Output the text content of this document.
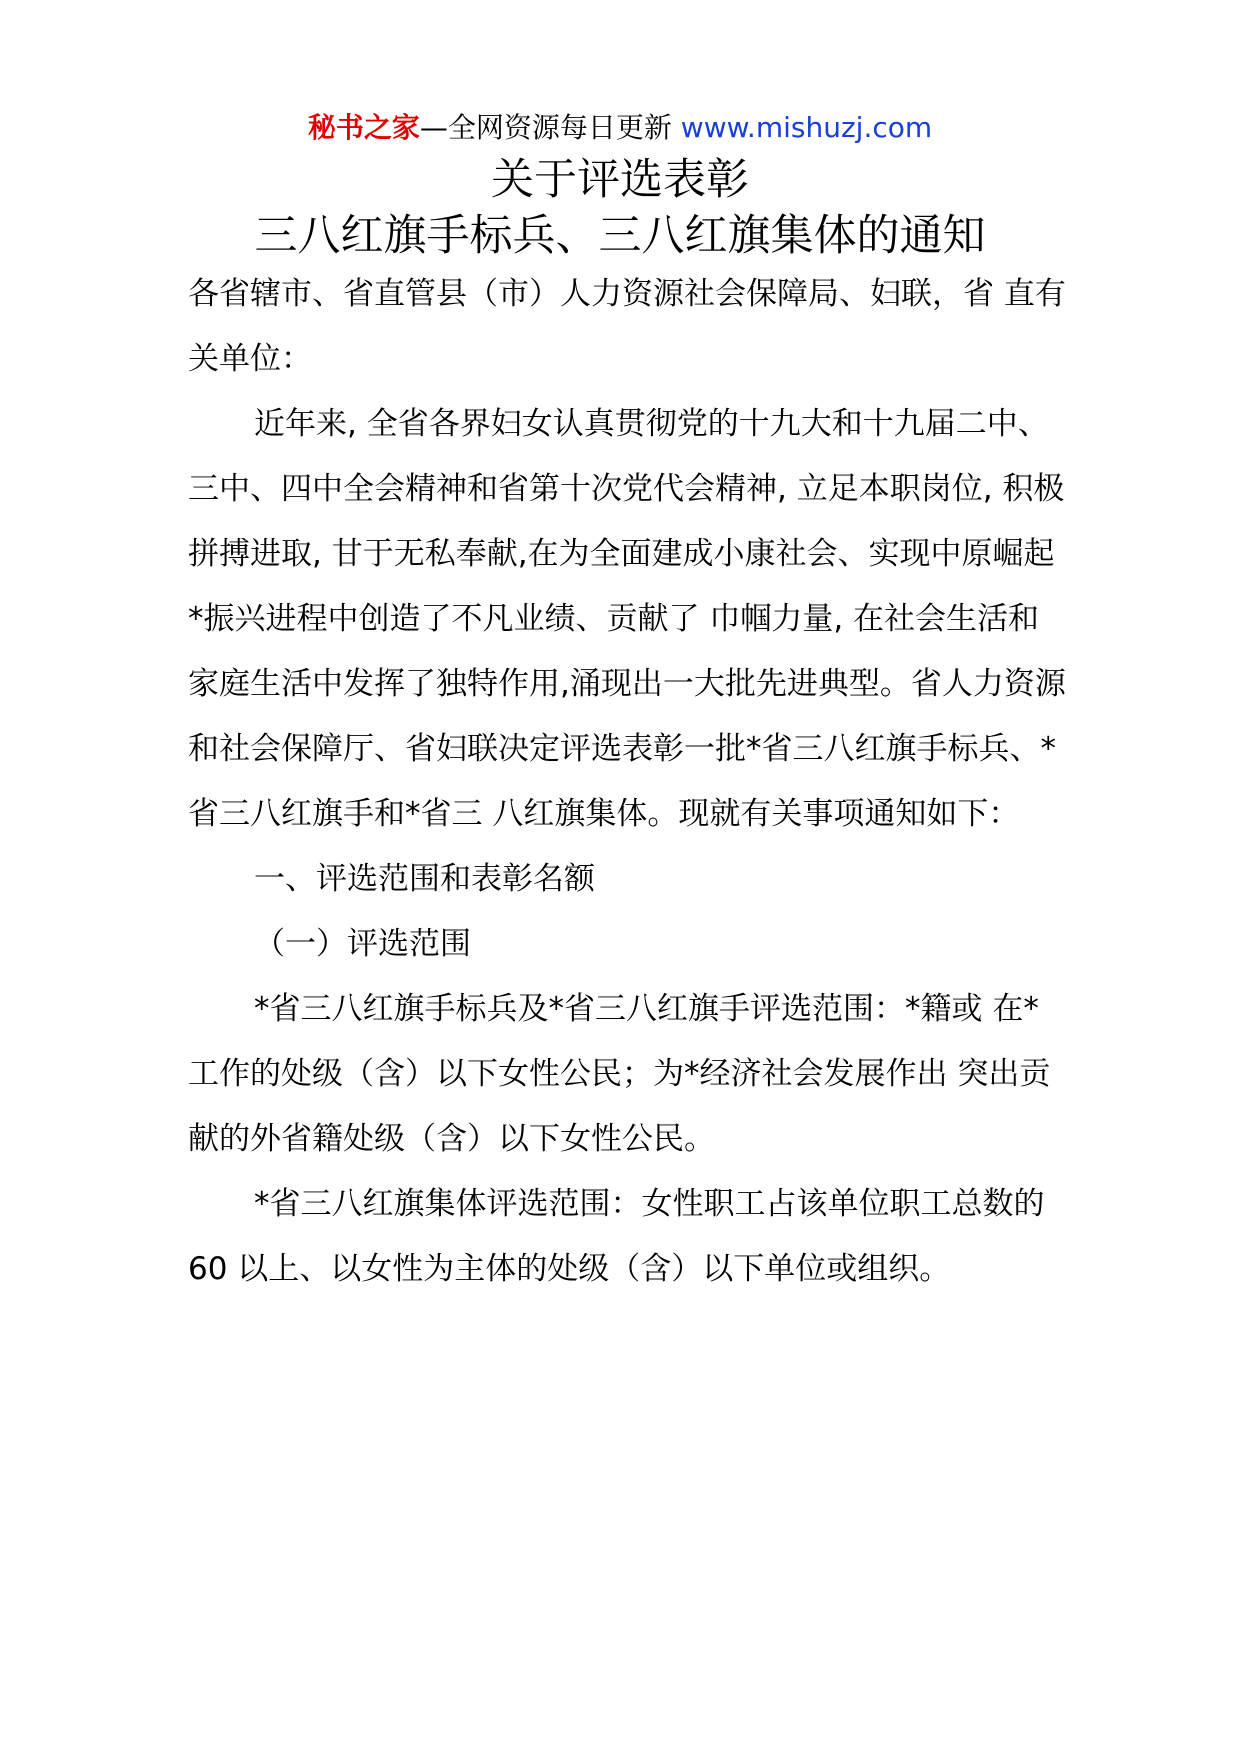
秘书之家—全网资源每日更新 www.mishuzj.com
关于评选表彰
三八红旗手标兵、三八红旗集体的通知

各省辖市、省直管县（市）人力资源社会保障局、妇联，省 直有关单位：

近年来, 全省各界妇女认真贯彻党的十九大和十九届二中、三中、四中全会精神和省第十次党代会精神, 立足本职岗位, 积极拼搏进取, 甘于无私奉献,在为全面建成小康社会、实现中原崛起*振兴进程中创造了不凡业绩、贡献了 巾帼力量, 在社会生活和家庭生活中发挥了独特作用,涌现出一大批先进典型。省人力资源和社会保障厅、省妇联决定评选表彰一批*省三八红旗手标兵、*省三八红旗手和*省三 八红旗集体。现就有关事项通知如下：

一、评选范围和表彰名额

（一）评选范围

*省三八红旗手标兵及*省三八红旗手评选范围：*籍或 在*工作的处级（含）以下女性公民；为*经济社会发展作出 突出贡献的外省籍处级（含）以下女性公民。

*省三八红旗集体评选范围：女性职工占该单位职工总数的 60 以上、以女性为主体的处级（含）以下单位或组织。
